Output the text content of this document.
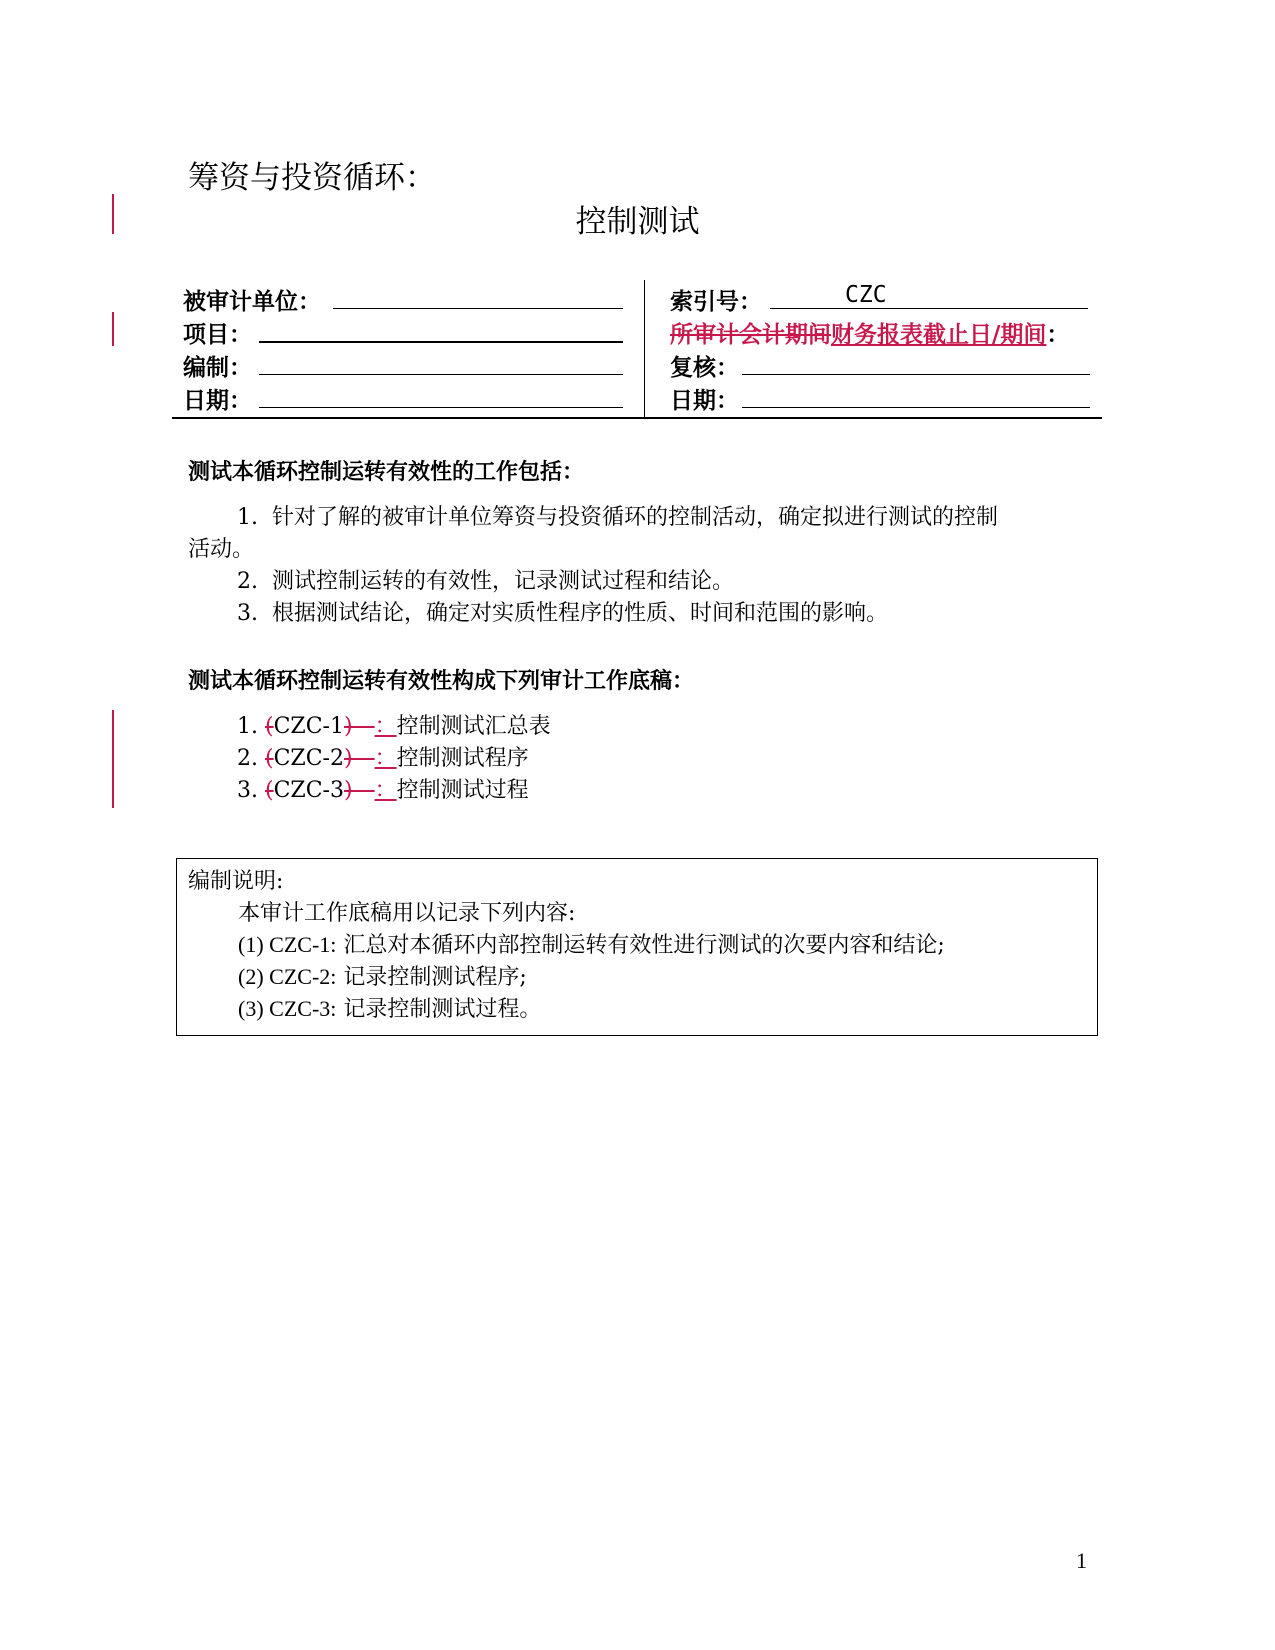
筹资与投资循环：
控制测试
被审计单位：
项目：
编制：
日期：
索引号：	CZC
所审计会计期间财务报表截止日/期间：
复核：
日期：
测试本循环控制运转有效性的工作包括：
1. 针对了解的被审计单位筹资与投资循环的控制活动，确定拟进行测试的控制
活动。
2. 测试控制运转的有效性，记录测试过程和结论。
3. 根据测试结论，确定对实质性程序的性质、时间和范围的影响。
测试本循环控制运转有效性构成下列审计工作底稿：
1. (CZC-1)—：控制测试汇总表
2. (CZC-2)—：控制测试程序
3. (CZC-3)—：控制测试过程
编制说明:
本审计工作底稿用以记录下列内容:
(1) CZC-1: 汇总对本循环内部控制运转有效性进行测试的次要内容和结论;
(2) CZC-2: 记录控制测试程序;
(3) CZC-3: 记录控制测试过程。
1
